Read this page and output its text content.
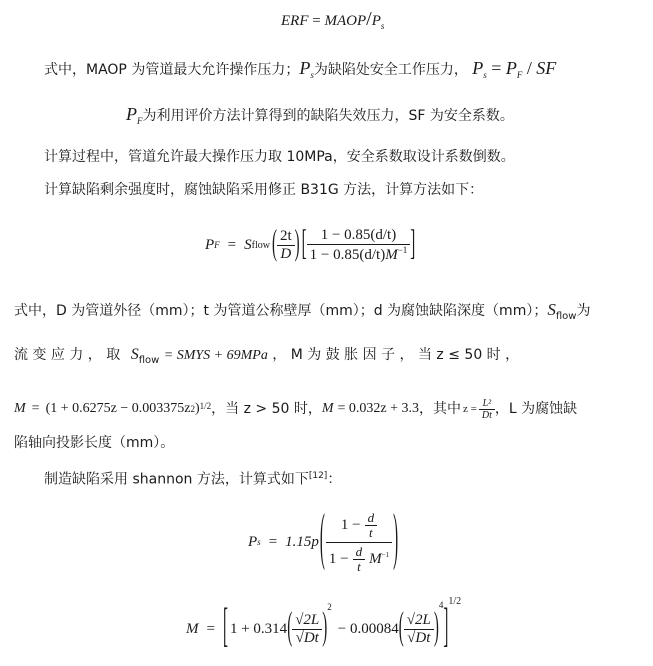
ERF = MAOP/$P_s$
式中，MAOP 为管道最大允许操作压力；$P_s$为缺陷处安全工作压力， $P_s = P_F$ / SF
$P_F$为利用评价方法计算得到的缺陷失效压力，SF 为安全系数。
计算过程中，管道允许最大操作压力取 10MPa，安全系数取设计系数倒数。
计算缺陷剩余强度时，腐蚀缺陷采用修正 B31G 方法，计算方法如下：
P F = S flow ( $\frac{2t}{D}$ ) [ $\frac{1 - 0.85(d/t)}{1 - 0.85(d/t)M^{-1}}$ ]
式中，D 为管道外径（mm）；t 为管道公称壁厚（mm）；d 为腐蚀缺陷深度（mm）；$S_{flow}$为
流 变 应 力 ， 取 $S_{flow}$ = SMYS + 69MPa ， M 为 鼓 胀 因 子 ， 当 z ≤ 50 时 ，
M = (1 + 0.6275z − 0.003375z 2 )$^{1/2}$ ，当 z > 50 时， M = 0.032z + 3.3 ，其中 $z = \frac{\text{L²}}{Dt}$ ，L 为腐蚀缺
陷轴向投影长度（mm）。
制造缺陷采用 shannon 方法，计算式如下[12]：
P s = 1.15p ( $\frac{1 - \frac{d}{t}}{1 - \frac{d}{t} M^{-1}}$ )
M = [ 1 + 0.314 ( $\frac{√2L}{√Dt} )^2$
− 0.00084 ( $\frac{√2L}{√Dt}$ )
$^4$ ]
$^{1/2}$
